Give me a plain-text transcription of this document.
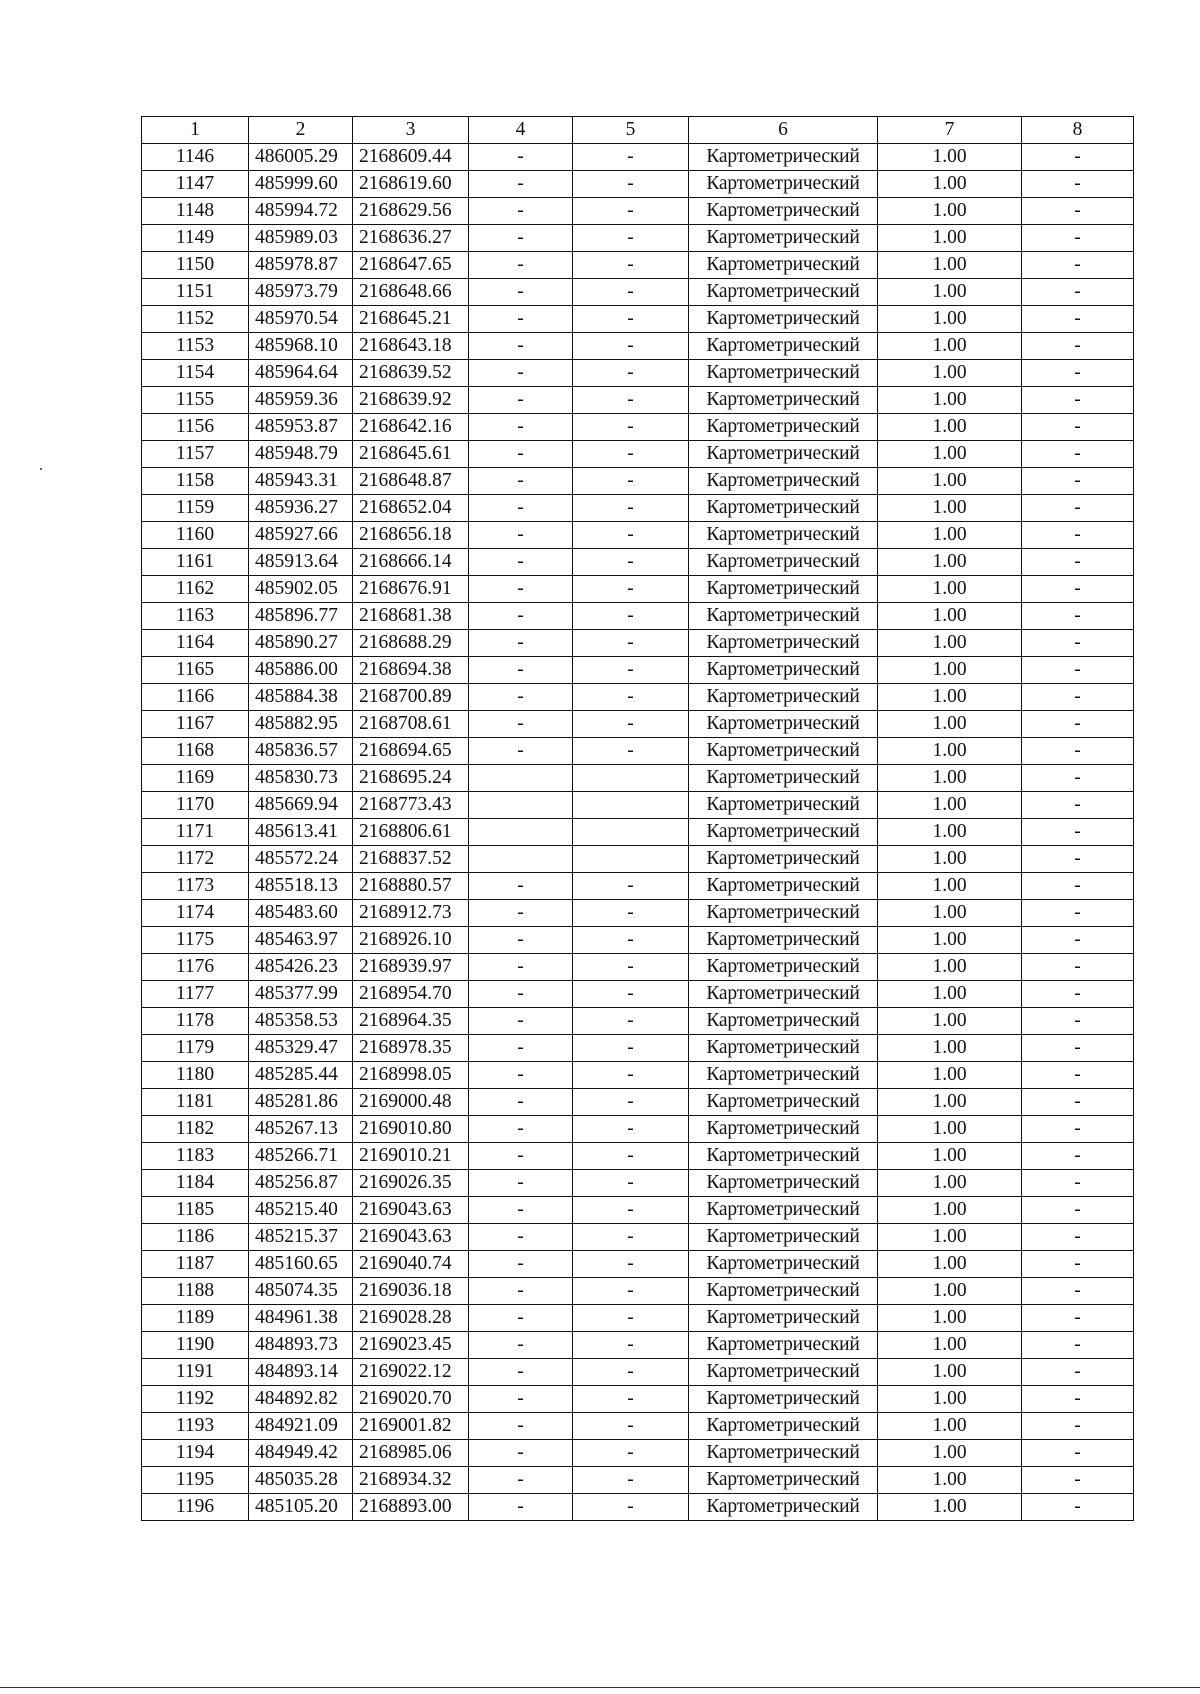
1	2	3	4	5	6	7	8
1146	486005.29	2168609.44	-	-	Картометрический	1.00	-
1147	485999.60	2168619.60	-	-	Картометрический	1.00	-
1148	485994.72	2168629.56	-	-	Картометрический	1.00	-
1149	485989.03	2168636.27	-	-	Картометрический	1.00	-
1150	485978.87	2168647.65	-	-	Картометрический	1.00	-
1151	485973.79	2168648.66	-	-	Картометрический	1.00	-
1152	485970.54	2168645.21	-	-	Картометрический	1.00	-
1153	485968.10	2168643.18	-	-	Картометрический	1.00	-
1154	485964.64	2168639.52	-	-	Картометрический	1.00	-
1155	485959.36	2168639.92	-	-	Картометрический	1.00	-
1156	485953.87	2168642.16	-	-	Картометрический	1.00	-
1157	485948.79	2168645.61	-	-	Картометрический	1.00	-
1158	485943.31	2168648.87	-	-	Картометрический	1.00	-
1159	485936.27	2168652.04	-	-	Картометрический	1.00	-
1160	485927.66	2168656.18	-	-	Картометрический	1.00	-
1161	485913.64	2168666.14	-	-	Картометрический	1.00	-
1162	485902.05	2168676.91	-	-	Картометрический	1.00	-
1163	485896.77	2168681.38	-	-	Картометрический	1.00	-
1164	485890.27	2168688.29	-	-	Картометрический	1.00	-
1165	485886.00	2168694.38	-	-	Картометрический	1.00	-
1166	485884.38	2168700.89	-	-	Картометрический	1.00	-
1167	485882.95	2168708.61	-	-	Картометрический	1.00	-
1168	485836.57	2168694.65	-	-	Картометрический	1.00	-
1169	485830.73	2168695.24			Картометрический	1.00	-
1170	485669.94	2168773.43			Картометрический	1.00	-
1171	485613.41	2168806.61			Картометрический	1.00	-
1172	485572.24	2168837.52			Картометрический	1.00	-
1173	485518.13	2168880.57	-	-	Картометрический	1.00	-
1174	485483.60	2168912.73	-	-	Картометрический	1.00	-
1175	485463.97	2168926.10	-	-	Картометрический	1.00	-
1176	485426.23	2168939.97	-	-	Картометрический	1.00	-
1177	485377.99	2168954.70	-	-	Картометрический	1.00	-
1178	485358.53	2168964.35	-	-	Картометрический	1.00	-
1179	485329.47	2168978.35	-	-	Картометрический	1.00	-
1180	485285.44	2168998.05	-	-	Картометрический	1.00	-
1181	485281.86	2169000.48	-	-	Картометрический	1.00	-
1182	485267.13	2169010.80	-	-	Картометрический	1.00	-
1183	485266.71	2169010.21	-	-	Картометрический	1.00	-
1184	485256.87	2169026.35	-	-	Картометрический	1.00	-
1185	485215.40	2169043.63	-	-	Картометрический	1.00	-
1186	485215.37	2169043.63	-	-	Картометрический	1.00	-
1187	485160.65	2169040.74	-	-	Картометрический	1.00	-
1188	485074.35	2169036.18	-	-	Картометрический	1.00	-
1189	484961.38	2169028.28	-	-	Картометрический	1.00	-
1190	484893.73	2169023.45	-	-	Картометрический	1.00	-
1191	484893.14	2169022.12	-	-	Картометрический	1.00	-
1192	484892.82	2169020.70	-	-	Картометрический	1.00	-
1193	484921.09	2169001.82	-	-	Картометрический	1.00	-
1194	484949.42	2168985.06	-	-	Картометрический	1.00	-
1195	485035.28	2168934.32	-	-	Картометрический	1.00	-
1196	485105.20	2168893.00	-	-	Картометрический	1.00	-
